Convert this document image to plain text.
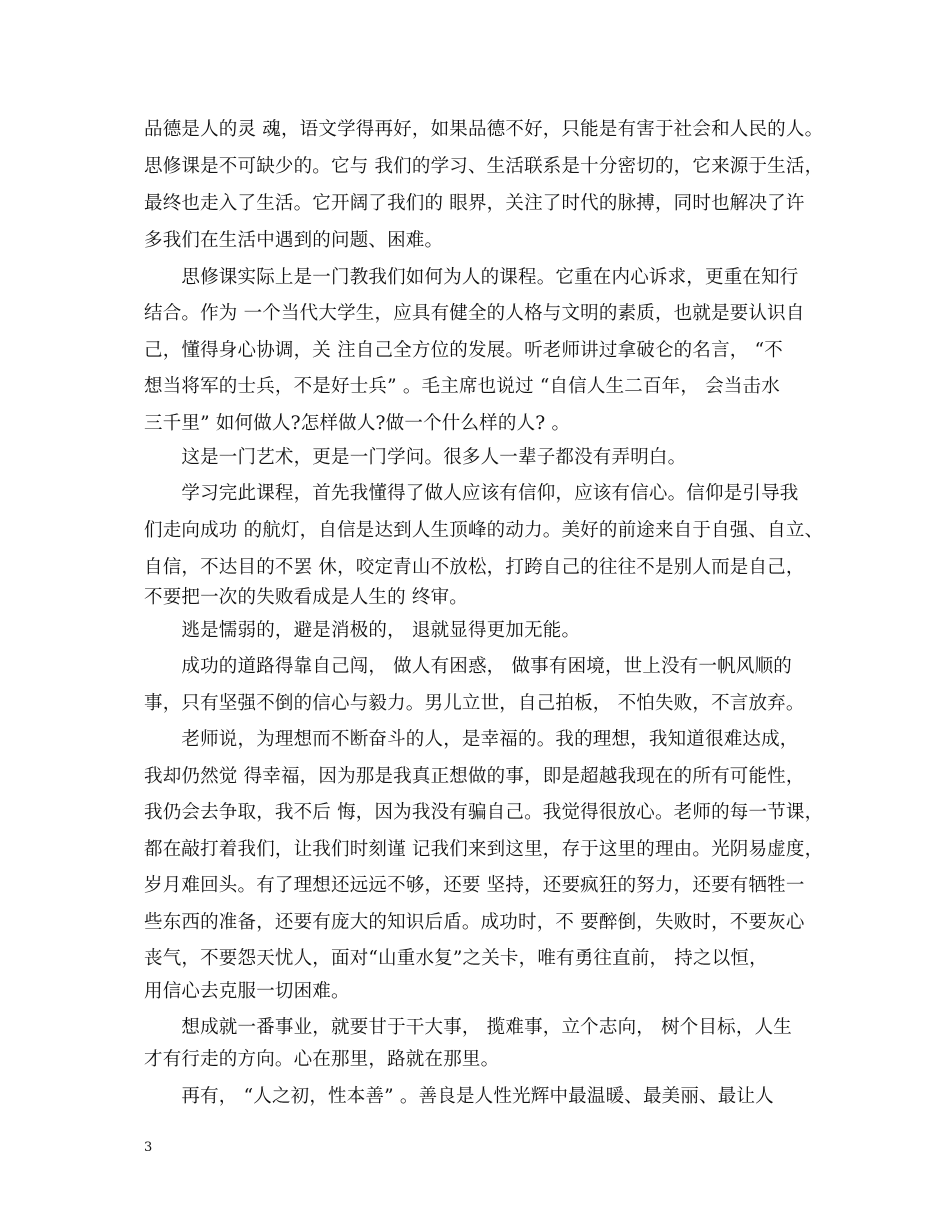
品德是人的灵 魂，语文学得再好，如果品德不好，只能是有害于社会和人民的人。
思修课是不可缺少的。它与 我们的学习、生活联系是十分密切的，它来源于生活，
最终也走入了生活。它开阔了我们的 眼界，关注了时代的脉搏，同时也解决了许
多我们在生活中遇到的问题、困难。
　　思修课实际上是一门教我们如何为人的课程。它重在内心诉求，更重在知行
结合。作为 一个当代大学生，应具有健全的人格与文明的素质，也就是要认识自
己，懂得身心协调，关 注自己全方位的发展。听老师讲过拿破仑的名言， “不
想当将军的士兵，不是好士兵” 。毛主席也说过 “自信人生二百年， 会当击水
三千里” 如何做人?怎样做人?做一个什么样的人? 。
　　这是一门艺术，更是一门学问。很多人一辈子都没有弄明白。
　　学习完此课程，首先我懂得了做人应该有信仰，应该有信心。信仰是引导我
们走向成功 的航灯，自信是达到人生顶峰的动力。美好的前途来自于自强、自立、
自信，不达目的不罢 休，咬定青山不放松，打跨自己的往往不是别人而是自己，
不要把一次的失败看成是人生的 终审。
　　逃是懦弱的，避是消极的， 退就显得更加无能。
　　成功的道路得靠自己闯， 做人有困惑， 做事有困境，世上没有一帆风顺的
事，只有坚强不倒的信心与毅力。男儿立世，自己拍板， 不怕失败，不言放弃。
　　老师说，为理想而不断奋斗的人，是幸福的。我的理想，我知道很难达成，
我却仍然觉 得幸福，因为那是我真正想做的事，即是超越我现在的所有可能性，
我仍会去争取，我不后 悔，因为我没有骗自己。我觉得很放心。老师的每一节课，
都在敲打着我们，让我们时刻谨 记我们来到这里，存于这里的理由。光阴易虚度，
岁月难回头。有了理想还远远不够，还要 坚持，还要疯狂的努力，还要有牺牲一
些东西的准备，还要有庞大的知识后盾。成功时，不 要醉倒，失败时，不要灰心
丧气，不要怨天忧人，面对“山重水复”之关卡，唯有勇往直前， 持之以恒，
用信心去克服一切困难。
　　想成就一番事业，就要甘于干大事， 揽难事，立个志向， 树个目标，人生
才有行走的方向。心在那里，路就在那里。
　　再有， “人之初，性本善” 。善良是人性光辉中最温暖、最美丽、最让人
3
